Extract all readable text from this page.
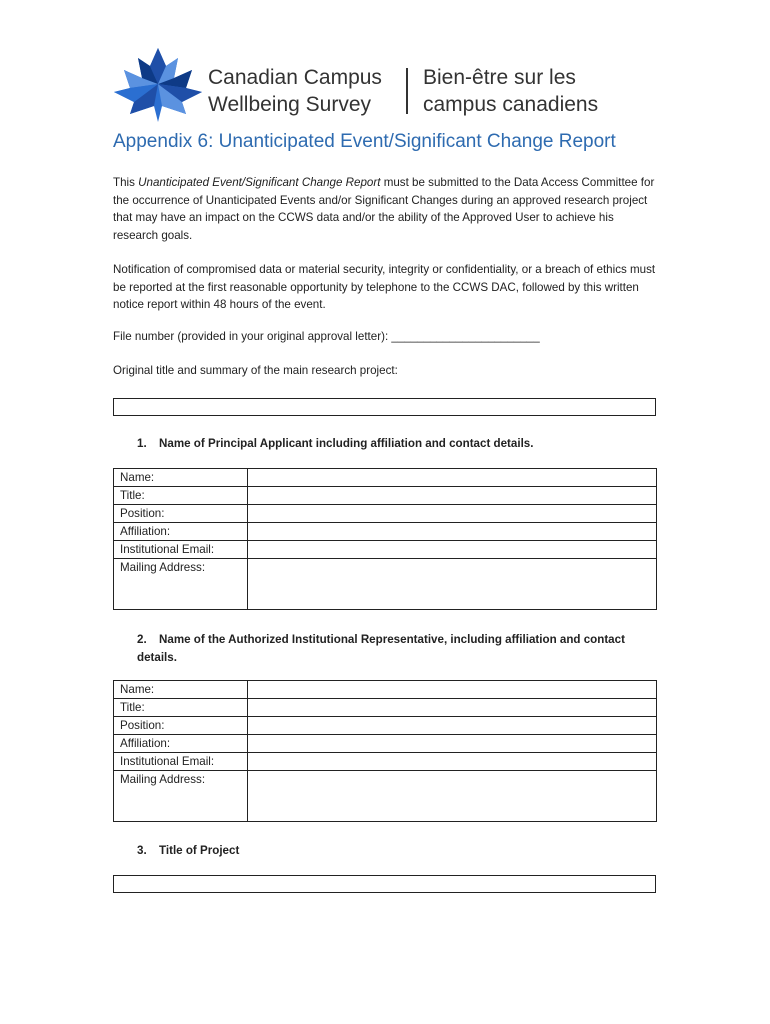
Canadian Campus
Wellbeing Survey
Bien-être sur les
campus canadiens
Appendix 6: Unanticipated Event/Significant Change Report

This Unanticipated Event/Significant Change Report must be submitted to the Data Access Committee for the occurrence of Unanticipated Events and/or Significant Changes during an approved research project that may have an impact on the CCWS data and/or the ability of the Approved User to achieve his research goals.

Notification of compromised data or material security, integrity or confidentiality, or a breach of ethics must be reported at the first reasonable opportunity by telephone to the CCWS DAC, followed by this written notice report within 48 hours of the event.

File number (provided in your original approval letter): _______________________
Original title and summary of the main research project:

1. Name of Principal Applicant including affiliation and contact details.

Name:	
Title:	
Position:	
Affiliation:	
Institutional Email:	
Mailing Address:	

2. Name of the Authorized Institutional Representative, including affiliation and contact details.

Name:	
Title:	
Position:	
Affiliation:	
Institutional Email:	
Mailing Address:	

3. Title of Project
